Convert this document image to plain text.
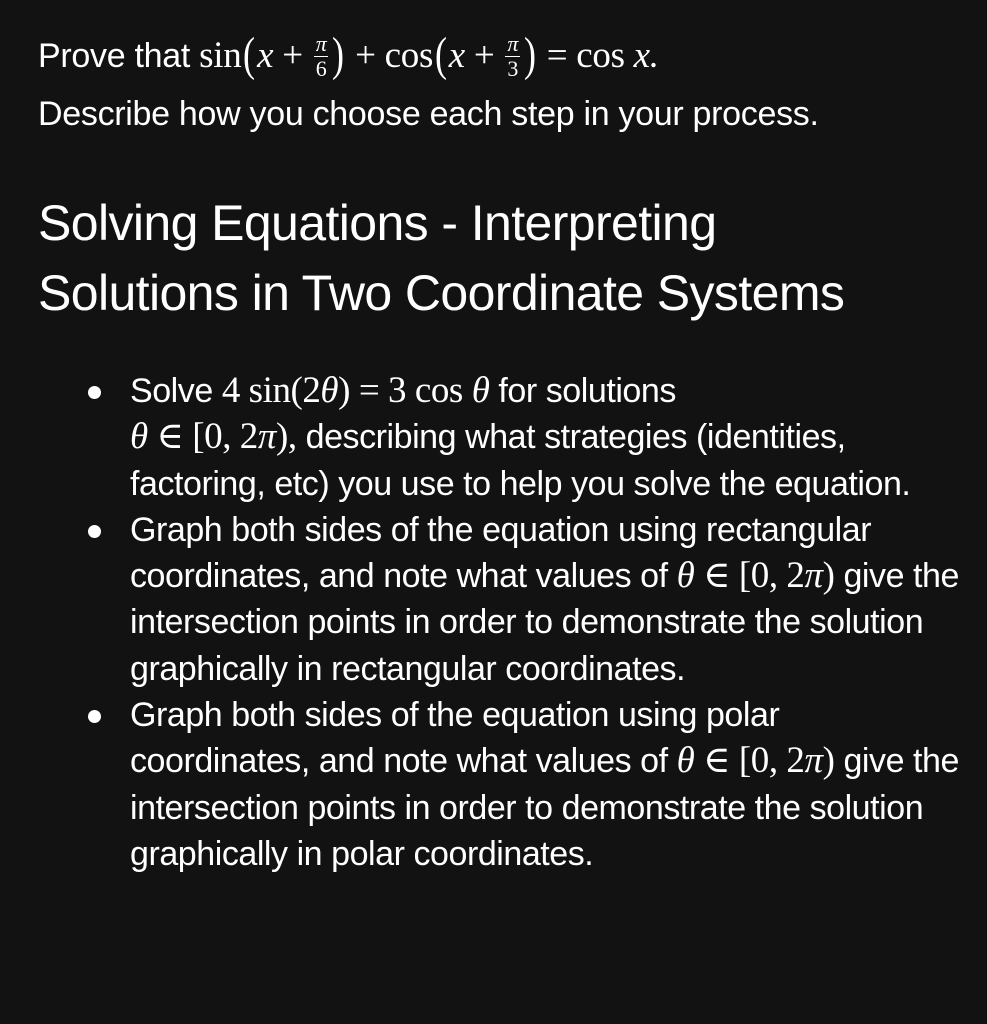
Prove that $\sin(x + \frac{\pi}{6}$ ) + $\cos(x + \frac{\pi}{3}$ ) = cos x.
Describe how you choose each step in your process.
Solving Equations - Interpreting
Solutions in Two Coordinate Systems
Solve 4 sin(2θ) = 3 cos θ for solutions
θ ∈ [0, 2π), describing what strategies (identities, factoring, etc) you use to help you solve the equation.
Graph both sides of the equation using rectangular coordinates, and note what values of θ ∈ [0, 2π) give the intersection points in order to demonstrate the solution graphically in rectangular coordinates.
Graph both sides of the equation using polar coordinates, and note what values of θ ∈ [0, 2π) give the intersection points in order to demonstrate the solution graphically in polar coordinates.
